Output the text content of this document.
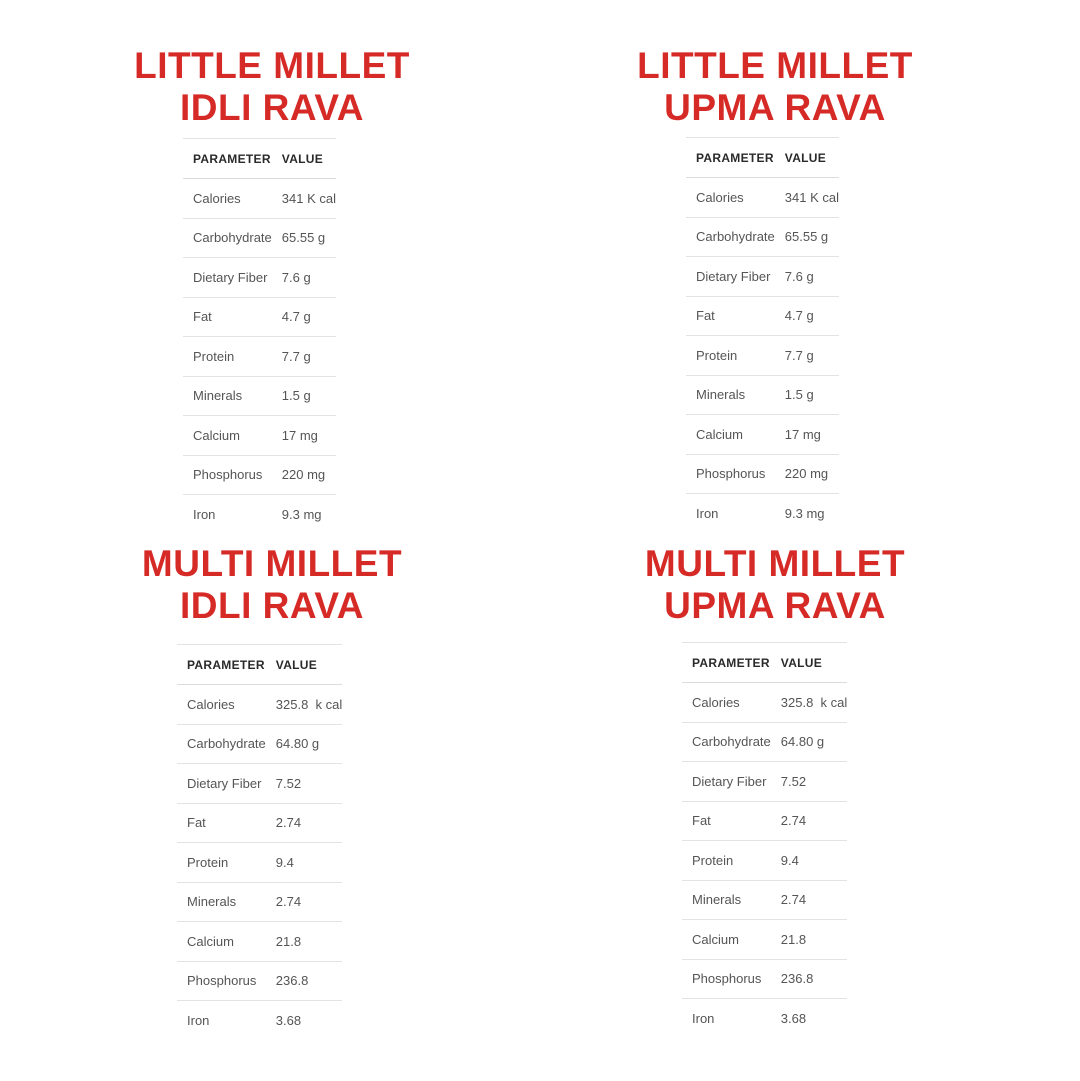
LITTLE MILLET
IDLI RAVA
PARAMETER	VALUE
Calories	341 K cal
Carbohydrate	65.55 g
Dietary Fiber	7.6 g
Fat	4.7 g
Protein	7.7 g
Minerals	1.5 g
Calcium	17 mg
Phosphorus	220 mg
Iron	9.3 mg
LITTLE MILLET
UPMA RAVA
PARAMETER	VALUE
Calories	341 K cal
Carbohydrate	65.55 g
Dietary Fiber	7.6 g
Fat	4.7 g
Protein	7.7 g
Minerals	1.5 g
Calcium	17 mg
Phosphorus	220 mg
Iron	9.3 mg
MULTI MILLET
IDLI RAVA
PARAMETER	VALUE
Calories	325.8  k cal
Carbohydrate	64.80 g
Dietary Fiber	7.52
Fat	2.74
Protein	9.4
Minerals	2.74
Calcium	21.8
Phosphorus	236.8
Iron	3.68
MULTI MILLET
UPMA RAVA
PARAMETER	VALUE
Calories	325.8  k cal
Carbohydrate	64.80 g
Dietary Fiber	7.52
Fat	2.74
Protein	9.4
Minerals	2.74
Calcium	21.8
Phosphorus	236.8
Iron	3.68
